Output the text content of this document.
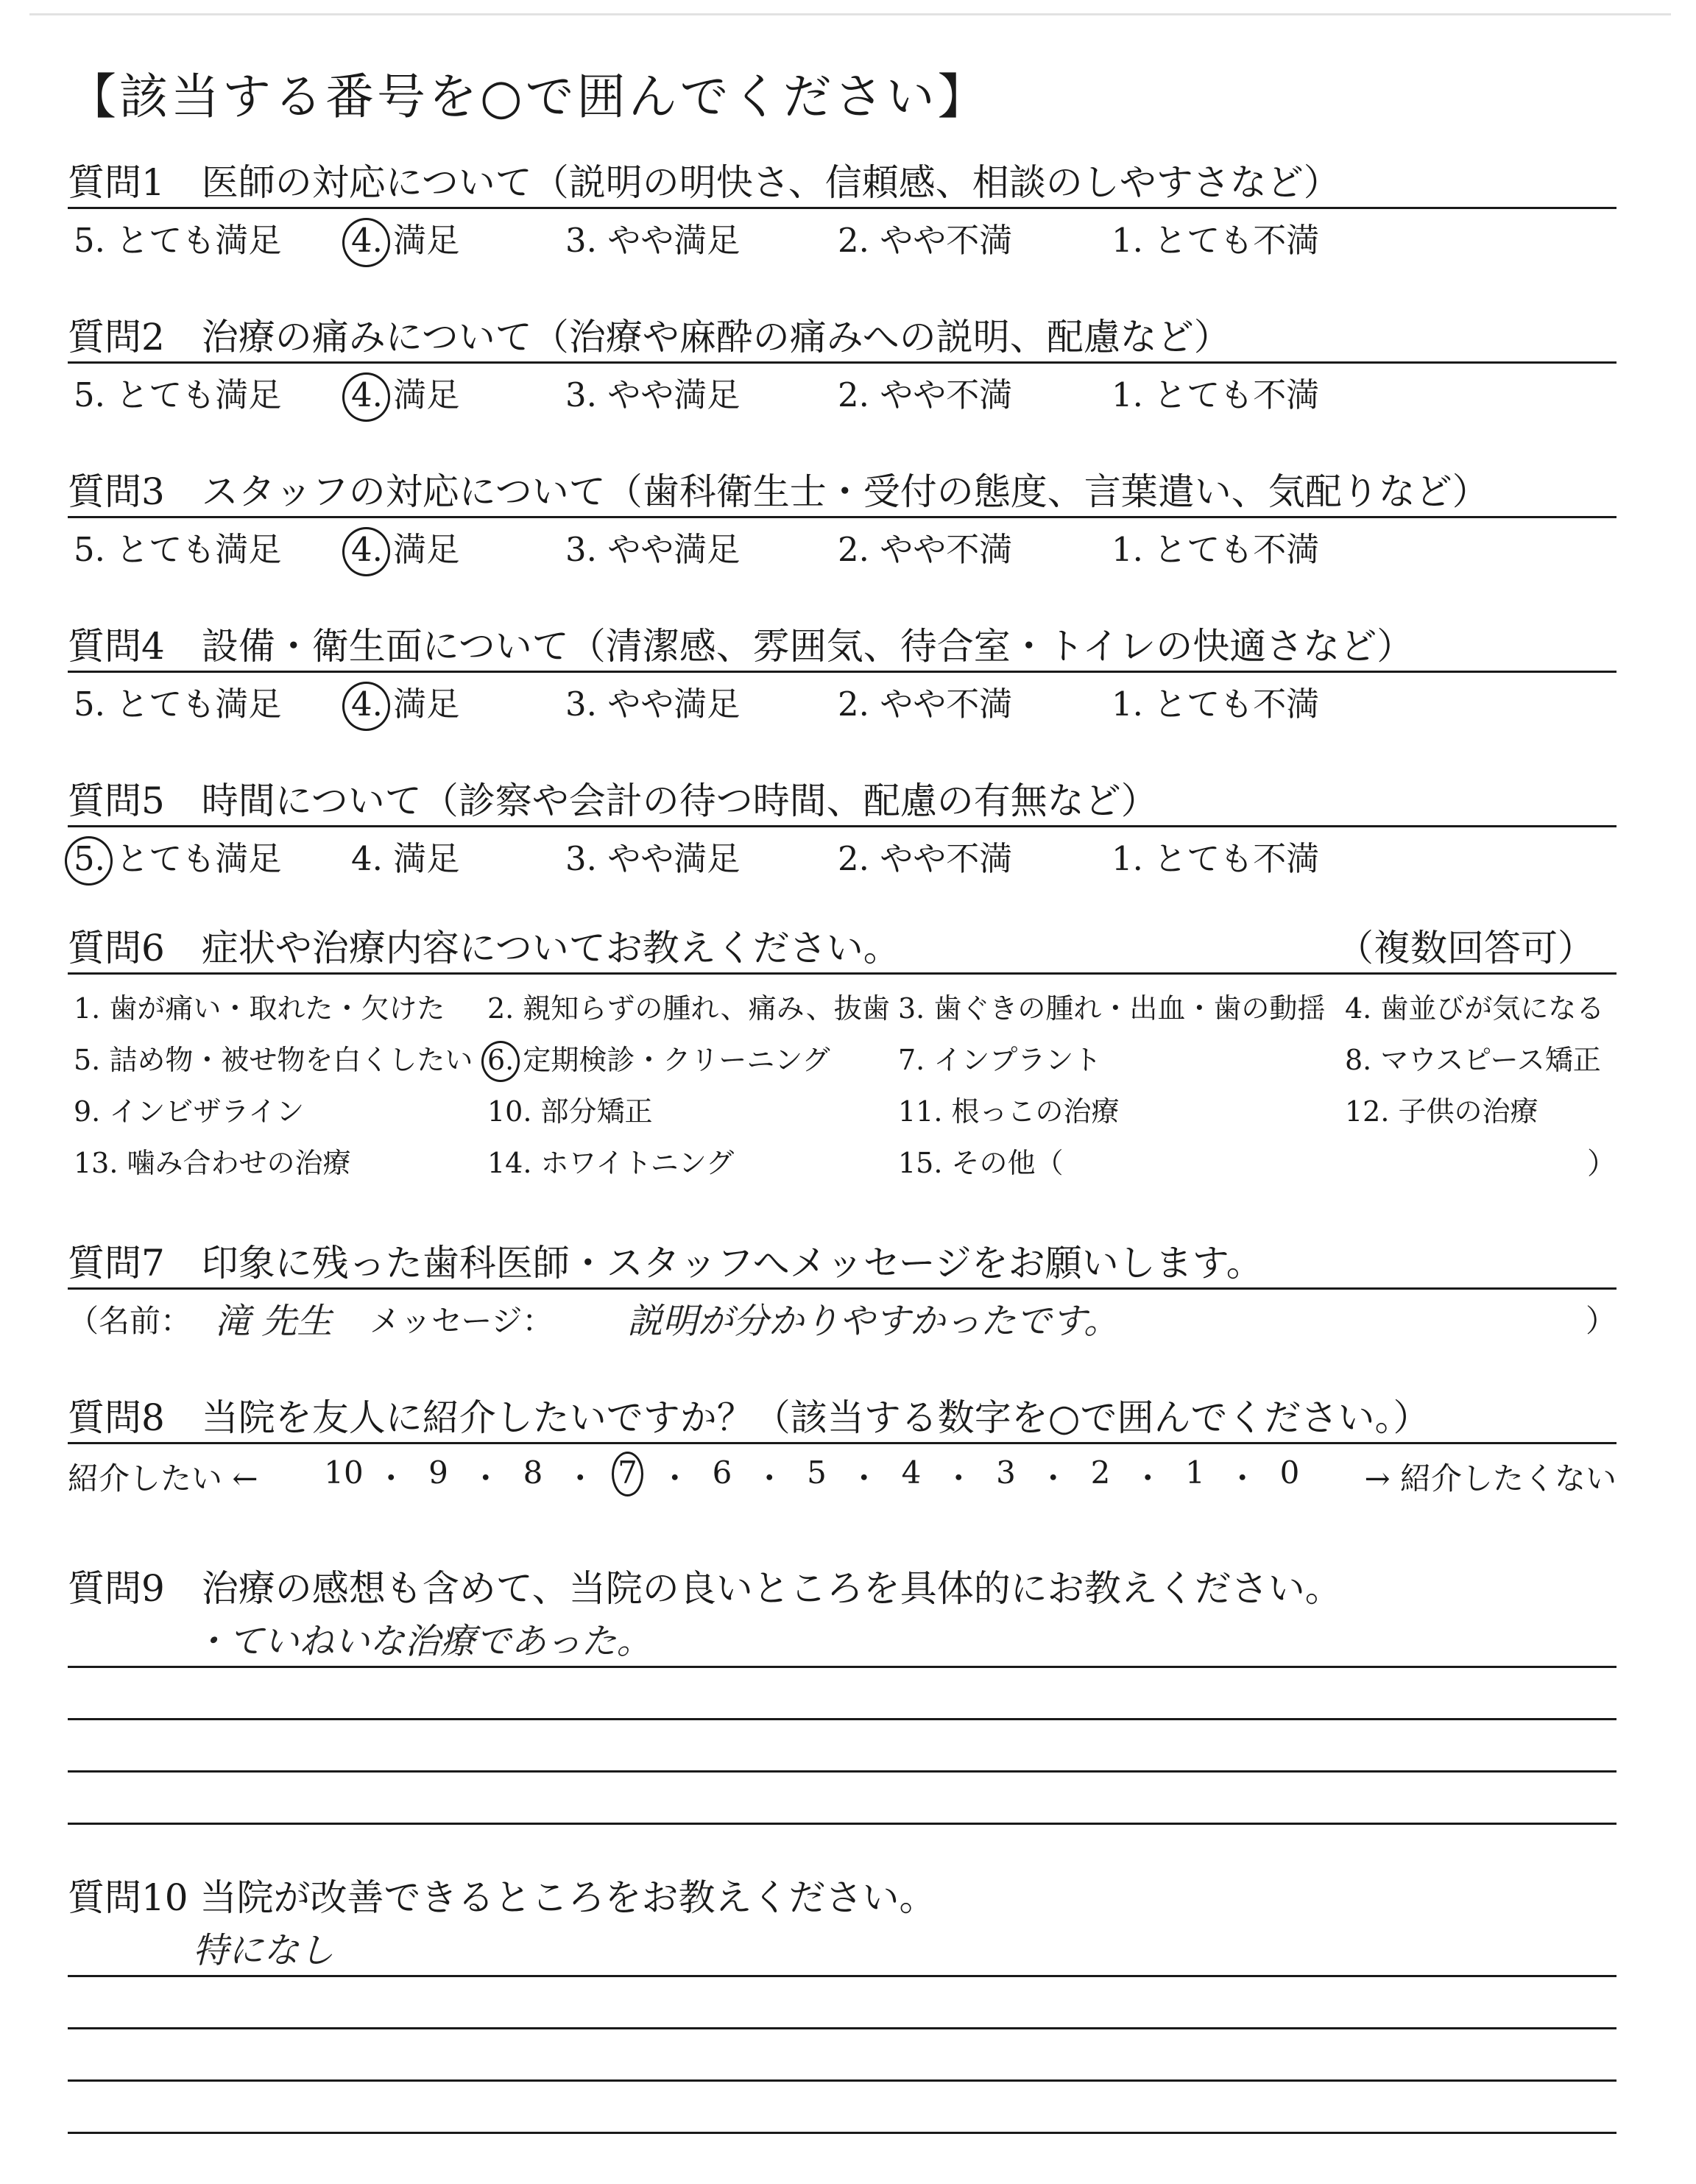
【該当する番号を○で囲んでください】
質問1　医師の対応について（説明の明快さ、信頼感、相談のしやすさなど）
5. とても満足 4. 満足	3. やや満足	2. やや不満	1. とても不満
質問2　治療の痛みについて（治療や麻酔の痛みへの説明、配慮など）
5. とても満足 4. 満足	3. やや満足	2. やや不満	1. とても不満
質問3　スタッフの対応について（歯科衛生士・受付の態度、言葉遣い、気配りなど）
5. とても満足 4. 満足	3. やや満足	2. やや不満	1. とても不満
質問4　設備・衛生面について（清潔感、雰囲気、待合室・トイレの快適さなど）
5. とても満足 4. 満足	3. やや満足	2. やや不満	1. とても不満
質問5　時間について（診察や会計の待つ時間、配慮の有無など）
5. とても満足 4. 満足	3. やや満足	2. やや不満	1. とても不満
質問6　症状や治療内容についてお教えください。	（複数回答可）
1. 歯が痛い・取れた・欠けた 2. 親知らずの腫れ、痛み、抜歯 3. 歯ぐきの腫れ・出血・歯の動揺 4. 歯並びが気になる
5. 詰め物・被せ物を白くしたい 6. 定期検診・クリーニング 7. インプラント	8. マウスピース矯正
9. インビザライン	10. 部分矯正	11. 根っこの治療	12. 子供の治療
13. 噛み合わせの治療	14. ホワイトニング	15. その他（	）
質問7　印象に残った歯科医師・スタッフへメッセージをお願いします。
（名前： 滝 先生 メッセージ： 説明が分かりやすかったです。	）
質問8　当院を友人に紹介したいですか？（該当する数字を○で囲んでください。）
紹介したい ←	→ 紹介したくない
10 ・ 9 ・ 8 ・ 7 ・ 6 ・ 5 ・ 4 ・ 3 ・ 2 ・ 1 ・ 0
質問9　治療の感想も含めて、当院の良いところを具体的にお教えください。
・ていねいな治療であった。
質問10 当院が改善できるところをお教えください。
特になし
